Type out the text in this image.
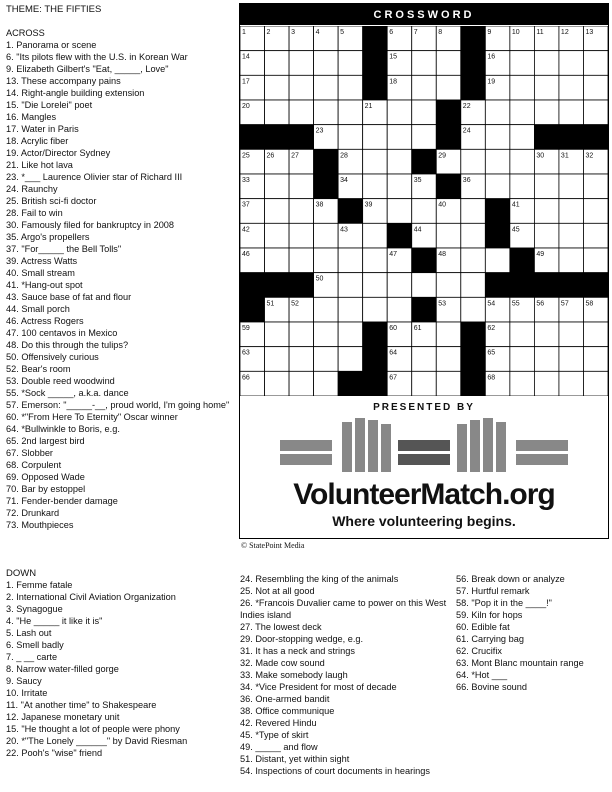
THEME: THE FIFTIES
ACROSS
1. Panorama or scene
6. "Its pilots flew with the U.S. in Korean War
9. Elizabeth Gilbert's "Eat, _____, Love"
13. These accompany pains
14. Right-angle building extension
15. "Die Lorelei" poet
16. Mangles
17. Water in Paris
18. Acrylic fiber
19. Actor/Director Sydney
21. Like hot lava
23. *___ Laurence Olivier star of Richard III
24. Raunchy
25. British sci-fi doctor
28. Fail to win
30. Famously filed for bankruptcy in 2008
35. Argo's propellers
37. "For_____ the Bell Tolls"
39. Actress Watts
40. Small stream
41. *Hang-out spot
43. Sauce base of fat and flour
44. Small porch
46. Actress Rogers
47. 100 centavos in Mexico
48. Do this through the tulips?
50. Offensively curious
52. Bear's room
53. Double reed woodwind
55. *Sock _____, a.k.a. dance
57. Emerson: "_____-__, proud world, I'm going home"
60. *"From Here To Eternity" Oscar winner
64. *Bullwinkle to Boris, e.g.
65. 2nd largest bird
67. Slobber
68. Corpulent
69. Opposed Wade
70. Bar by estoppel
71. Fender-bender damage
72. Drunkard
73. Mouthpieces
DOWN
1. Femme fatale
2. International Civil Aviation Organization
3. Synagogue
4. "He _____ it like it is"
5. Lash out
6. Smell badly
7. _ __ carte
8. Narrow water-filled gorge
9. Saucy
10. Irritate
11. "At another time" to Shakespeare
12. Japanese monetary unit
15. "He thought a lot of people were phony
20. *"The Lonely ______" by David Riesman
22. Pooh's "wise" friend
24. Resembling the king of the animals
25. Not at all good
26. *Francois Duvalier came to power on this West Indies island
27. The lowest deck
29. Door-stopping wedge, e.g.
31. It has a neck and strings
32. Made cow sound
33. Make somebody laugh
34. *Vice President for most of decade
36. One-armed bandit
38. Office communique
42. Revered Hindu
45. *Type of skirt
49. _____ and flow
51. Distant, yet within sight
54. Inspections of court documents in hearings
56. Break down or analyze
57. Hurtful remark
58. "Pop it in the ____!"
59. Kiln for hops
60. Edible fat
61. Carrying bag
62. Crucifix
63. Mont Blanc mountain range
64. *Hot ___
66. Bovine sound
CROSSWORD
1	2	3	4	5	6	7	8	9	10 11 12 13
14	15	16
17	18	19
20	21	22
23	24
25 26 27	28	29	30 31 32
33	34	35	36
37	38	39	40	41
42	43	44	45
46	47	48	49
50
51 52	53	54 55 56 57 58
59	60 61	62
63	64	65
66	67	68
PRESENTED BY
VolunteerMatch.org
Where volunteering begins.
© StatePoint Media
